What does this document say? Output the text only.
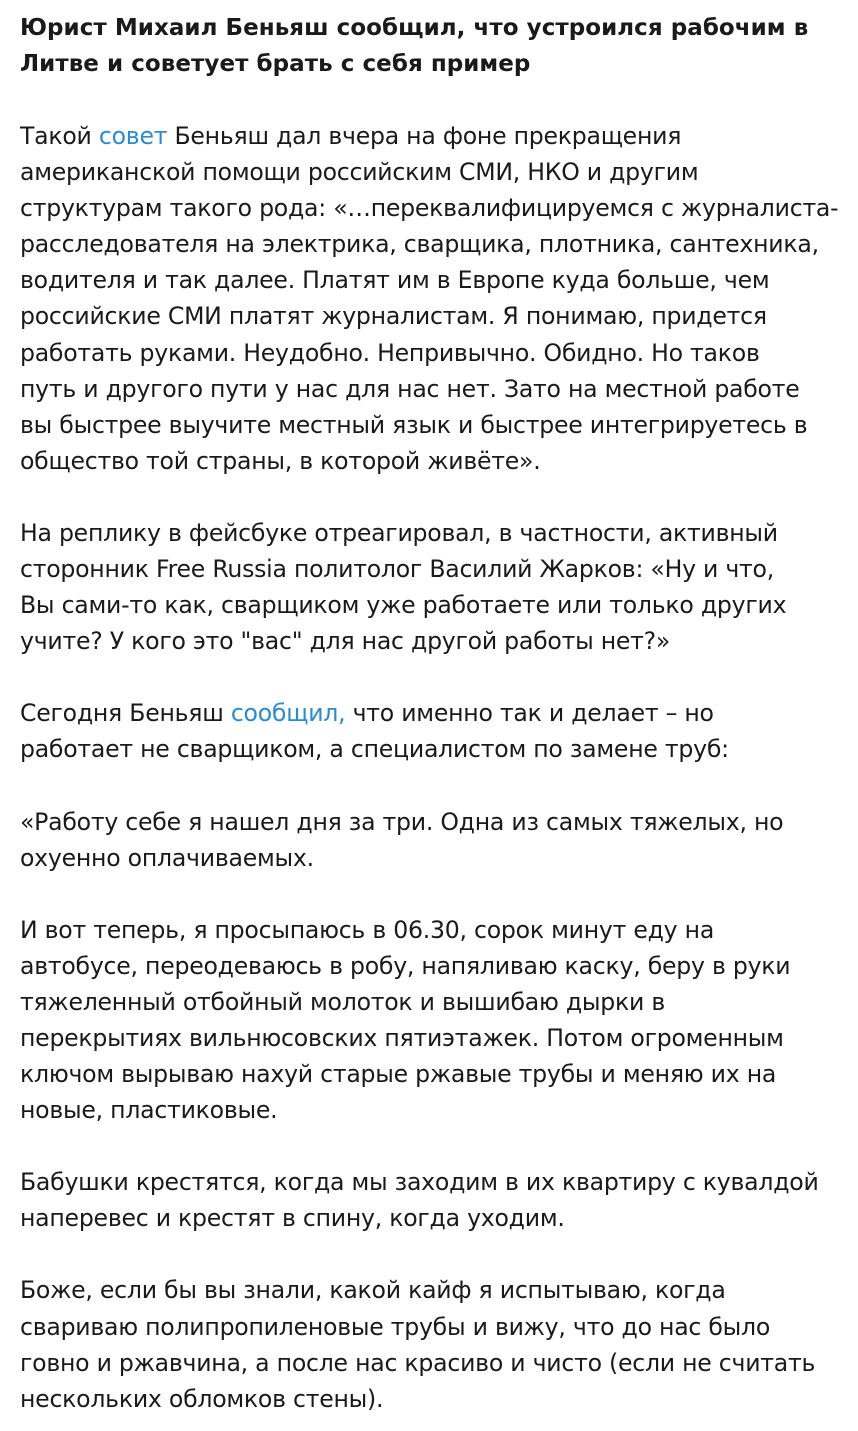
Юрист Михаил Беньяш сообщил, что устроился рабочим в
Литве и советует брать с себя пример

Такой совет Беньяш дал вчера на фоне прекращения
американской помощи российским СМИ, НКО и другим
структурам такого рода: «…переквалифицируемся с журналиста-
расследователя на электрика, сварщика, плотника, сантехника,
водителя и так далее. Платят им в Европе куда больше, чем
российские СМИ платят журналистам. Я понимаю, придется
работать руками. Неудобно. Непривычно. Обидно. Но таков
путь и другого пути у нас для нас нет. Зато на местной работе
вы быстрее выучите местный язык и быстрее интегрируетесь в
общество той страны, в которой живёте».

На реплику в фейсбуке отреагировал, в частности, активный
сторонник Free Russia политолог Василий Жарков: «Ну и что,
Вы сами-то как, сварщиком уже работаете или только других
учите? У кого это "вас" для нас другой работы нет?»

Сегодня Беньяш сообщил, что именно так и делает – но
работает не сварщиком, а специалистом по замене труб:

«Работу себе я нашел дня за три. Одна из самых тяжелых, но
охуенно оплачиваемых.

И вот теперь, я просыпаюсь в 06.30, сорок минут еду на
автобусе, переодеваюсь в робу, напяливаю каску, беру в руки
тяжеленный отбойный молоток и вышибаю дырки в
перекрытиях вильнюсовских пятиэтажек. Потом огроменным
ключом вырываю нахуй старые ржавые трубы и меняю их на
новые, пластиковые.

Бабушки крестятся, когда мы заходим в их квартиру с кувалдой
наперевес и крестят в спину, когда уходим.

Боже, если бы вы знали, какой кайф я испытываю, когда
свариваю полипропиленовые трубы и вижу, что до нас было
говно и ржавчина, а после нас красиво и чисто (если не считать
нескольких обломков стены).
